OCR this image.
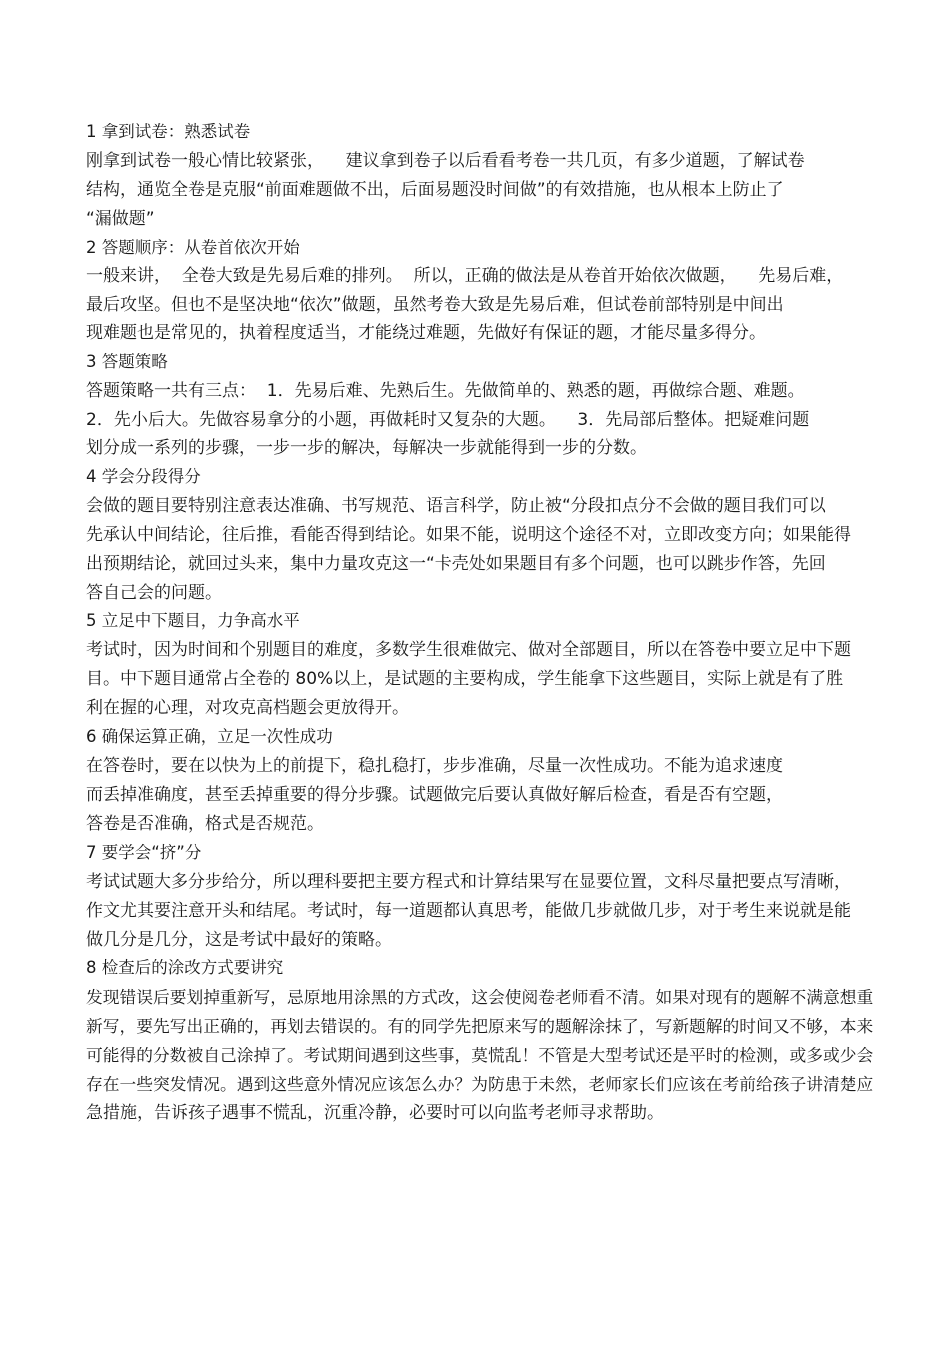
1 拿到试卷：熟悉试卷
刚拿到试卷一般心情比较紧张，    建议拿到卷子以后看看考卷一共几页，有多少道题，了解试卷
结构，通览全卷是克服“前面难题做不出，后面易题没时间做”的有效措施，也从根本上防止了
“漏做题”
2 答题顺序：从卷首依次开始
一般来讲，  全卷大致是先易后难的排列。  所以，正确的做法是从卷首开始依次做题，    先易后难，
最后攻坚。但也不是坚决地“依次”做题，虽然考卷大致是先易后难，但试卷前部特别是中间出
现难题也是常见的，执着程度适当，才能绕过难题，先做好有保证的题，才能尽量多得分。
3 答题策略
答题策略一共有三点：  1．先易后难、先熟后生。先做简单的、熟悉的题，再做综合题、难题。
2．先小后大。先做容易拿分的小题，再做耗时又复杂的大题。    3．先局部后整体。把疑难问题
划分成一系列的步骤，一步一步的解决，每解决一步就能得到一步的分数。
4 学会分段得分
会做的题目要特别注意表达准确、书写规范、语言科学，防止被“分段扣点分不会做的题目我们可以
先承认中间结论，往后推，看能否得到结论。如果不能，说明这个途径不对，立即改变方向；如果能得
出预期结论，就回过头来，集中力量攻克这一“卡壳处如果题目有多个问题，也可以跳步作答，先回
答自己会的问题。
5 立足中下题目，力争高水平
考试时，因为时间和个别题目的难度，多数学生很难做完、做对全部题目，所以在答卷中要立足中下题
目。中下题目通常占全卷的 80%以上，是试题的主要构成，学生能拿下这些题目，实际上就是有了胜
利在握的心理，对攻克高档题会更放得开。
6 确保运算正确，立足一次性成功
在答卷时，要在以快为上的前提下，稳扎稳打，步步准确，尽量一次性成功。不能为追求速度
而丢掉准确度，甚至丢掉重要的得分步骤。试题做完后要认真做好解后检查，看是否有空题，
答卷是否准确，格式是否规范。
7 要学会“挤”分
考试试题大多分步给分，所以理科要把主要方程式和计算结果写在显要位置，文科尽量把要点写清晰，
作文尤其要注意开头和结尾。考试时，每一道题都认真思考，能做几步就做几步，对于考生来说就是能
做几分是几分，这是考试中最好的策略。
8 检查后的涂改方式要讲究
发现错误后要划掉重新写，忌原地用涂黑的方式改，这会使阅卷老师看不清。如果对现有的题解不满意想重
新写，要先写出正确的，再划去错误的。有的同学先把原来写的题解涂抹了，写新题解的时间又不够，本来
可能得的分数被自己涂掉了。考试期间遇到这些事，莫慌乱！不管是大型考试还是平时的检测，或多或少会
存在一些突发情况。遇到这些意外情况应该怎么办？为防患于未然，老师家长们应该在考前给孩子讲清楚应
急措施，告诉孩子遇事不慌乱，沉重冷静，必要时可以向监考老师寻求帮助。
